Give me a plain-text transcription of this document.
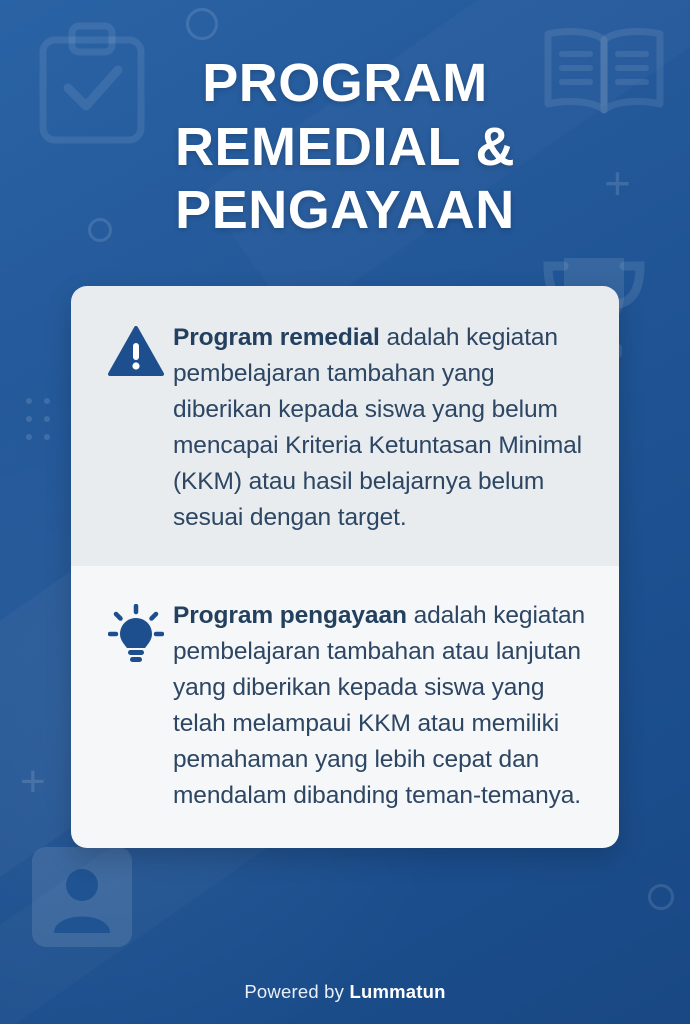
+
+
PROGRAM
REMEDIAL &
PENGAYAAN
Program remedial adalah kegiatan pembelajaran tambahan yang diberikan kepada siswa yang belum mencapai Kriteria Ketuntasan Minimal (KKM) atau hasil belajarnya belum sesuai dengan target.
Program pengayaan adalah kegiatan pembelajaran tambahan atau lanjutan yang diberikan kepada siswa yang telah melampaui KKM atau memiliki pemahaman yang lebih cepat dan mendalam dibanding teman-temanya.
Powered by Lummatun
